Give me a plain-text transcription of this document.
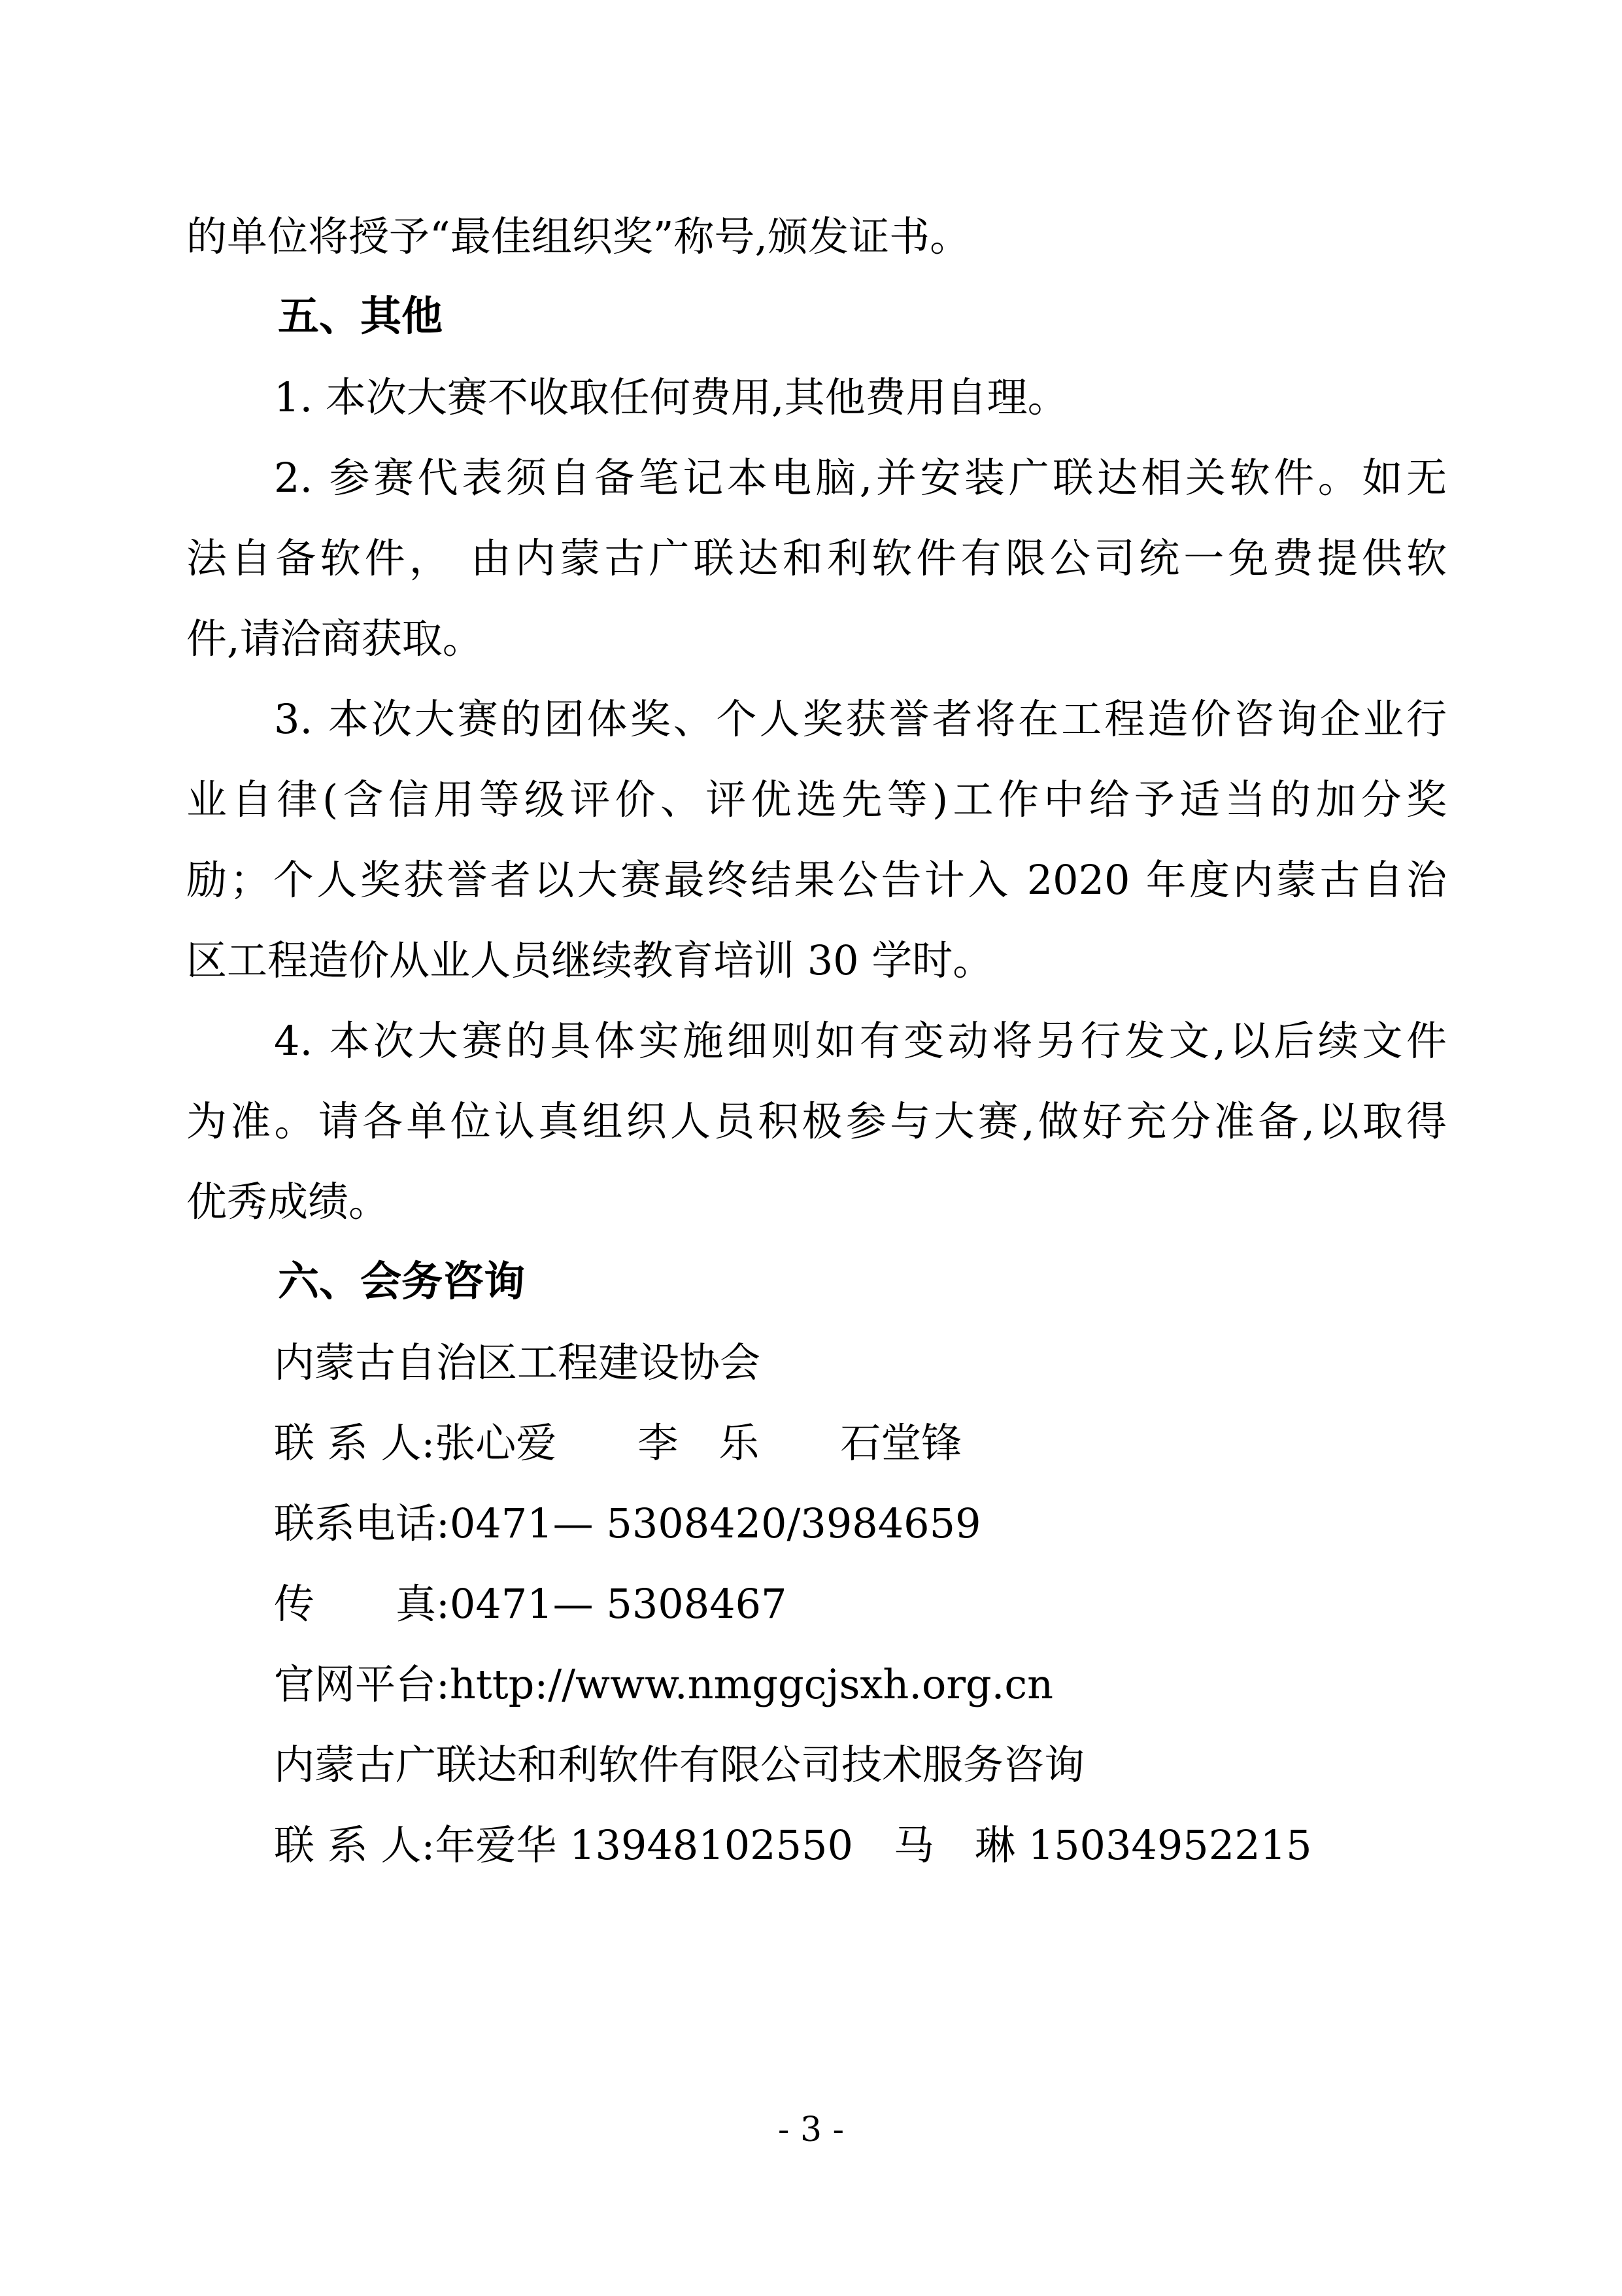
的单位将授予“最佳组织奖”称号,颁发证书。
五、其他
1. 本次大赛不收取任何费用,其他费用自理。
2. 参赛代表须自备笔记本电脑,并安装广联达相关软件。如无
法自备软件， 由内蒙古广联达和利软件有限公司统一免费提供软
件,请洽商获取。
3. 本次大赛的团体奖、个人奖获誉者将在工程造价咨询企业行
业自律(含信用等级评价、评优选先等)工作中给予适当的加分奖
励；个人奖获誉者以大赛最终结果公告计入 2020 年度内蒙古自治
区工程造价从业人员继续教育培训 30 学时。
4. 本次大赛的具体实施细则如有变动将另行发文,以后续文件
为准。请各单位认真组织人员积极参与大赛,做好充分准备,以取得
优秀成绩。
六、会务咨询
内蒙古自治区工程建设协会
联 系 人:张心爱　　李　乐　　石堂锋
联系电话:0471— 5308420/3984659
传　　真:0471— 5308467
官网平台:http://www.nmggcjsxh.org.cn
内蒙古广联达和利软件有限公司技术服务咨询
联 系 人:年爱华 13948102550　马　琳 15034952215
- 3 -
